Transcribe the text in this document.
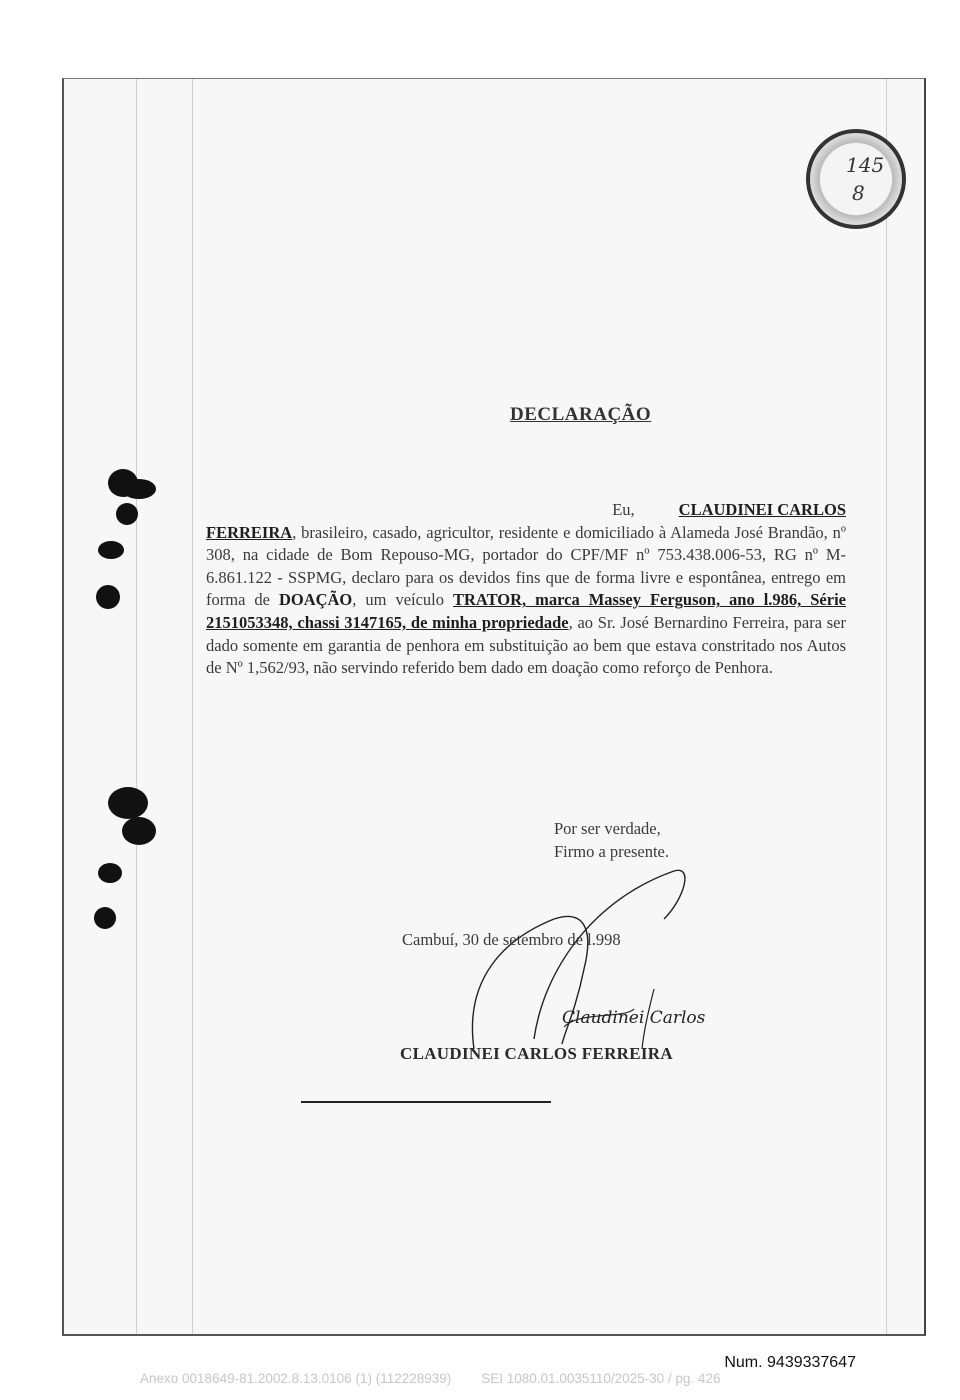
145
8
DECLARAÇÃO
Eu,	CLAUDINEI CARLOS
FERREIRA, brasileiro, casado, agricultor, residente e domiciliado à Alameda José Brandão, nº 308, na cidade de Bom Repouso-MG, portador do CPF/MF nº 753.438.006-53, RG nº M-6.861.122 - SSPMG, declaro para os devidos fins que de forma livre e espontânea, entrego em forma de DOAÇÃO, um veículo TRATOR, marca Massey Ferguson, ano l.986, Série 2151053348, chassi 3147165, de minha propriedade, ao Sr. José Bernardino Ferreira, para ser dado somente em garantia de penhora em substituição ao bem que estava constritado nos Autos de Nº 1,562/93, não servindo referido bem dado em doação como reforço de Penhora.
Por ser verdade,
Firmo a presente.
Cambuí, 30 de setembro de l.998
Claudinei Carlos
CLAUDINEI CARLOS FERREIRA
Num. 9439337647
Anexo 0018649-81.2002.8.13.0106 (1) (112228939)        SEI 1080.01.0035110/2025-30 / pg. 426
